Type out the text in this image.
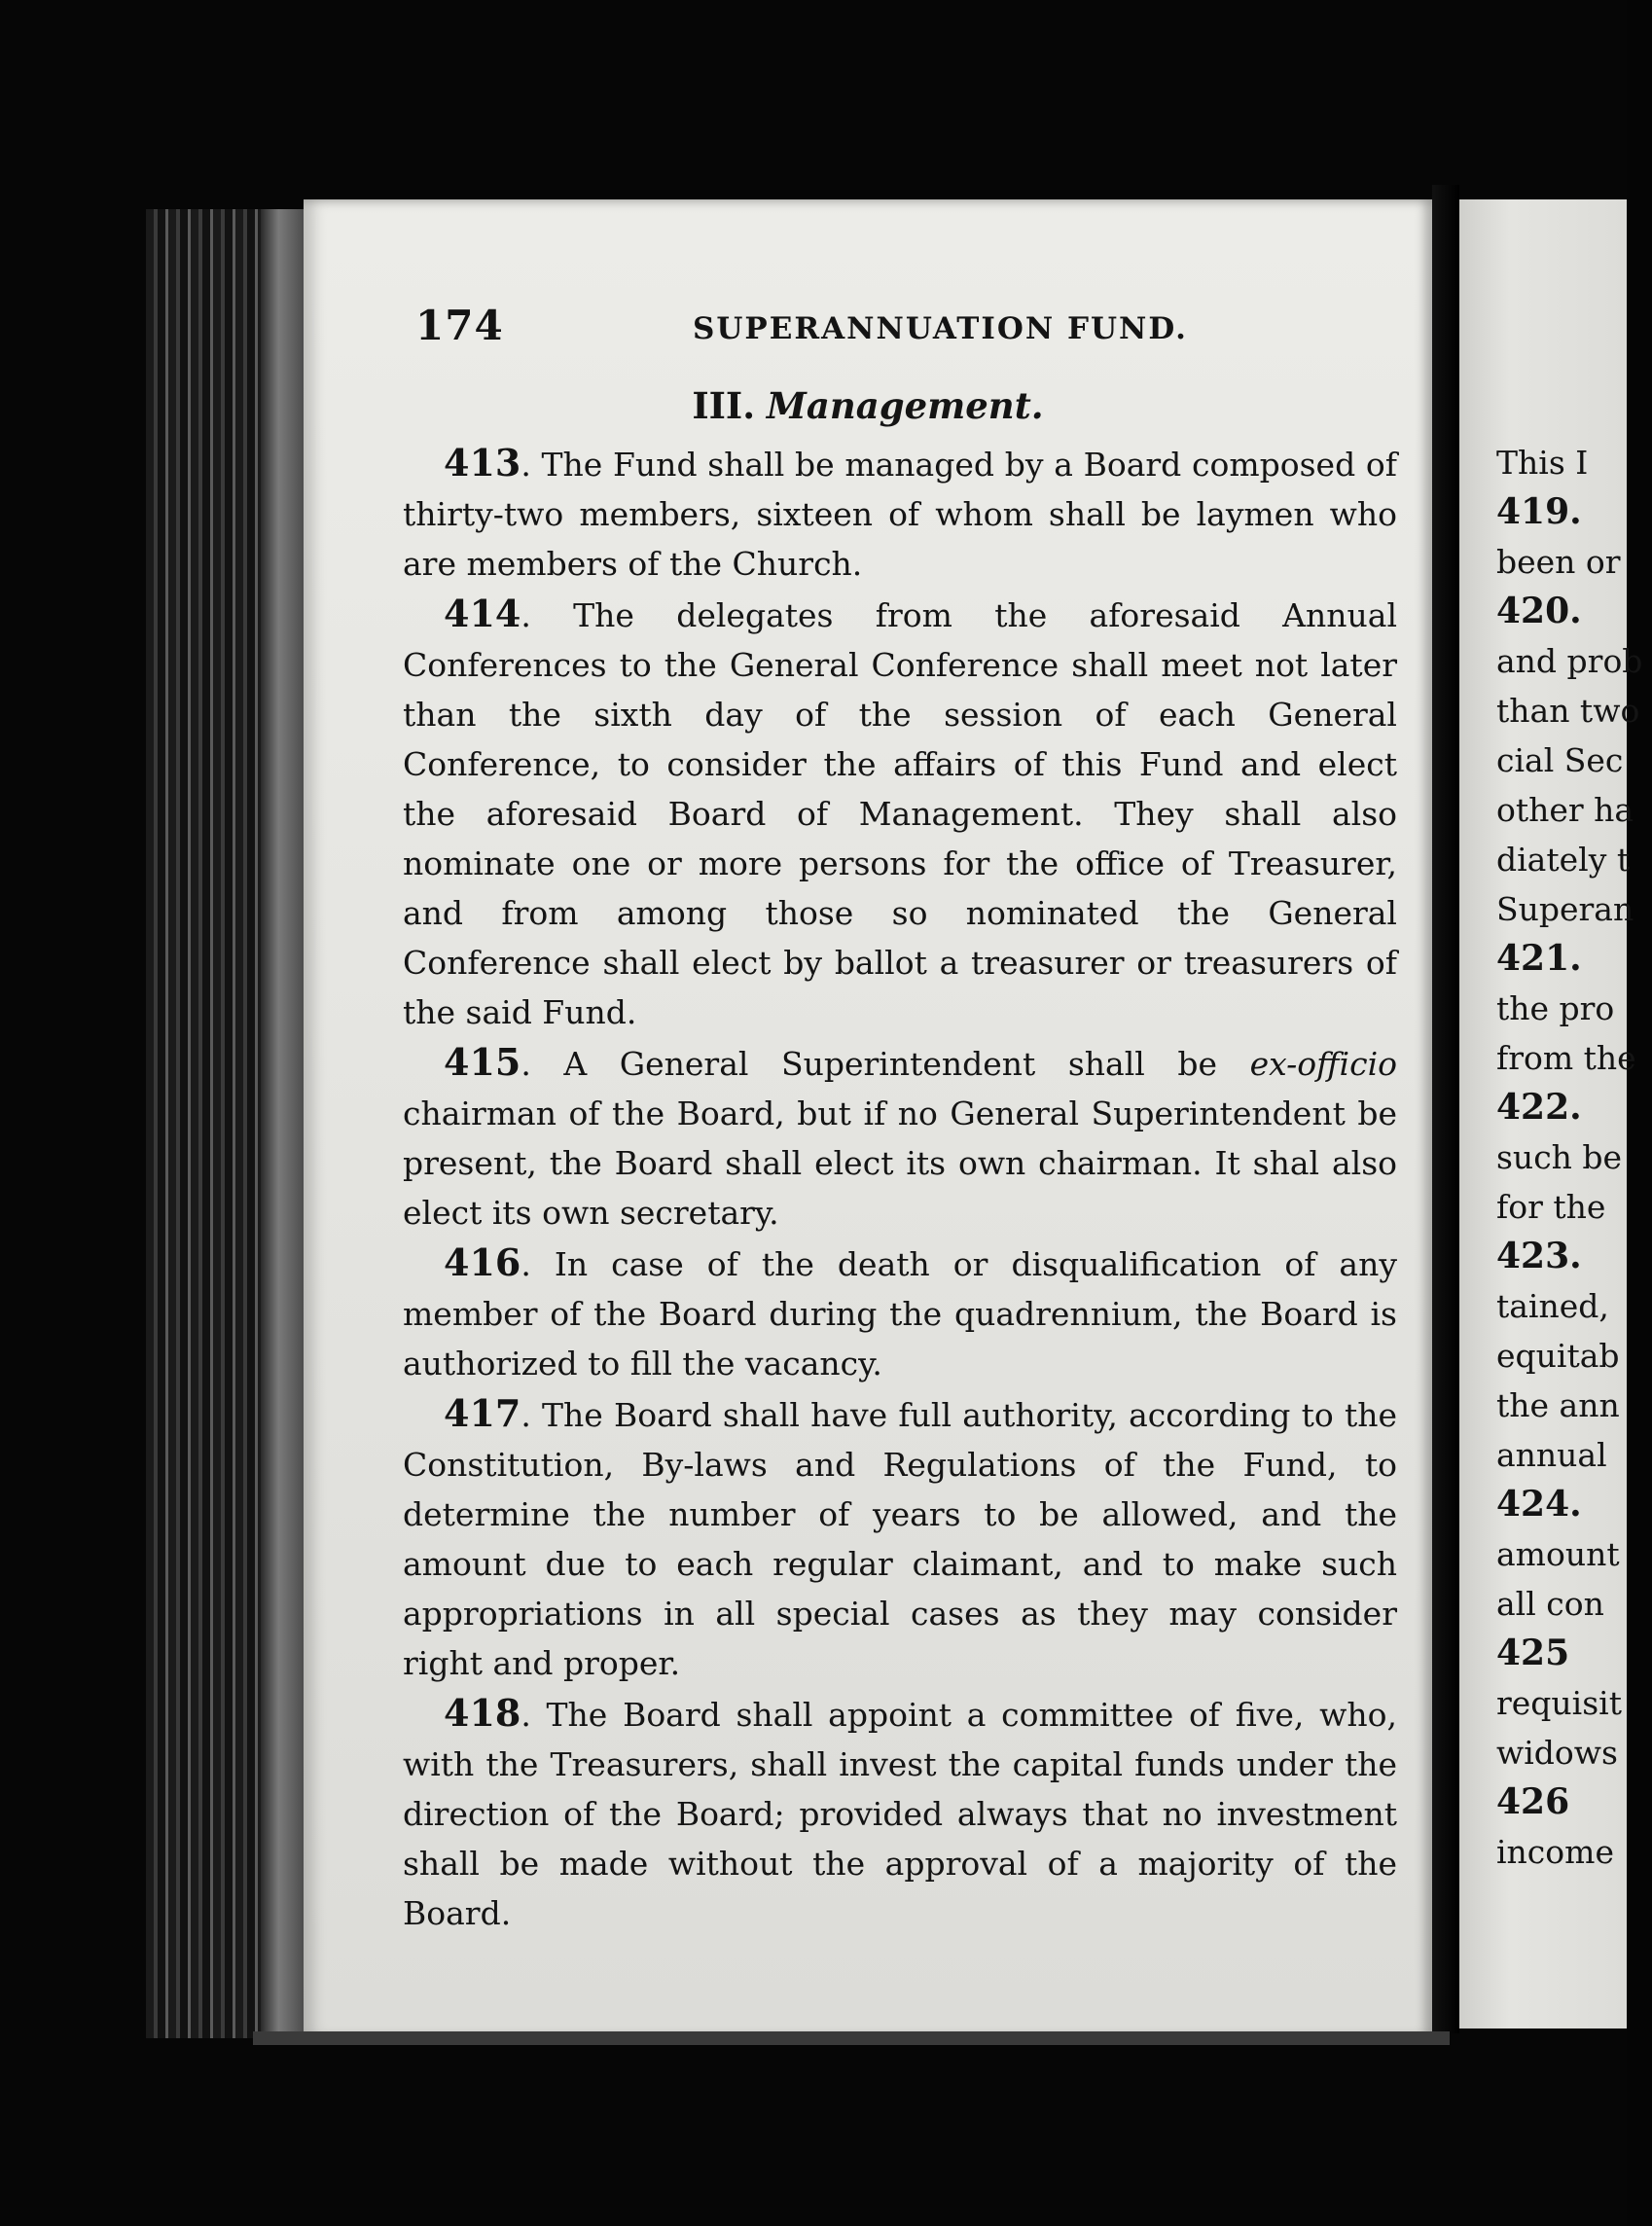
174	SUPERANNUATION FUND.
III. Management.

413. The Fund shall be managed by a Board composed of thirty-two members, sixteen of whom shall be laymen who are members of the Church.

414. The delegates from the aforesaid Annual Conferences to the General Conference shall meet not later than the sixth day of the session of each General Conference, to consider the affairs of this Fund and elect the aforesaid Board of Management. They shall also nominate one or more persons for the office of Treasurer, and from among those so nominated the General Conference shall elect by ballot a treasurer or treasurers of the said Fund.

415. A General Superintendent shall be ex-officio chairman of the Board, but if no General Superintendent be present, the Board shall elect its own chairman. It shal also elect its own secretary.

416. In case of the death or disqualification of any member of the Board during the quadrennium, the Board is authorized to fill the vacancy.

417. The Board shall have full authority, according to the Constitution, By-laws and Regulations of the Fund, to determine the number of years to be allowed, and the amount due to each regular claimant, and to make such appropriations in all special cases as they may consider right and proper.

418. The Board shall appoint a committee of five, who, with the Treasurers, shall invest the capital funds under the direction of the Board; provided always that no investment shall be made without the approval of a majority of the Board.

This I
419.
been or
420.
and prob
than two
cial Sec
other ha
diately t
Superan
421.
the pro
from the
422.
such be
for the
423.
tained,
equitab
the ann
annual
424.
amount
all con
425
requisit
widows
426
income
